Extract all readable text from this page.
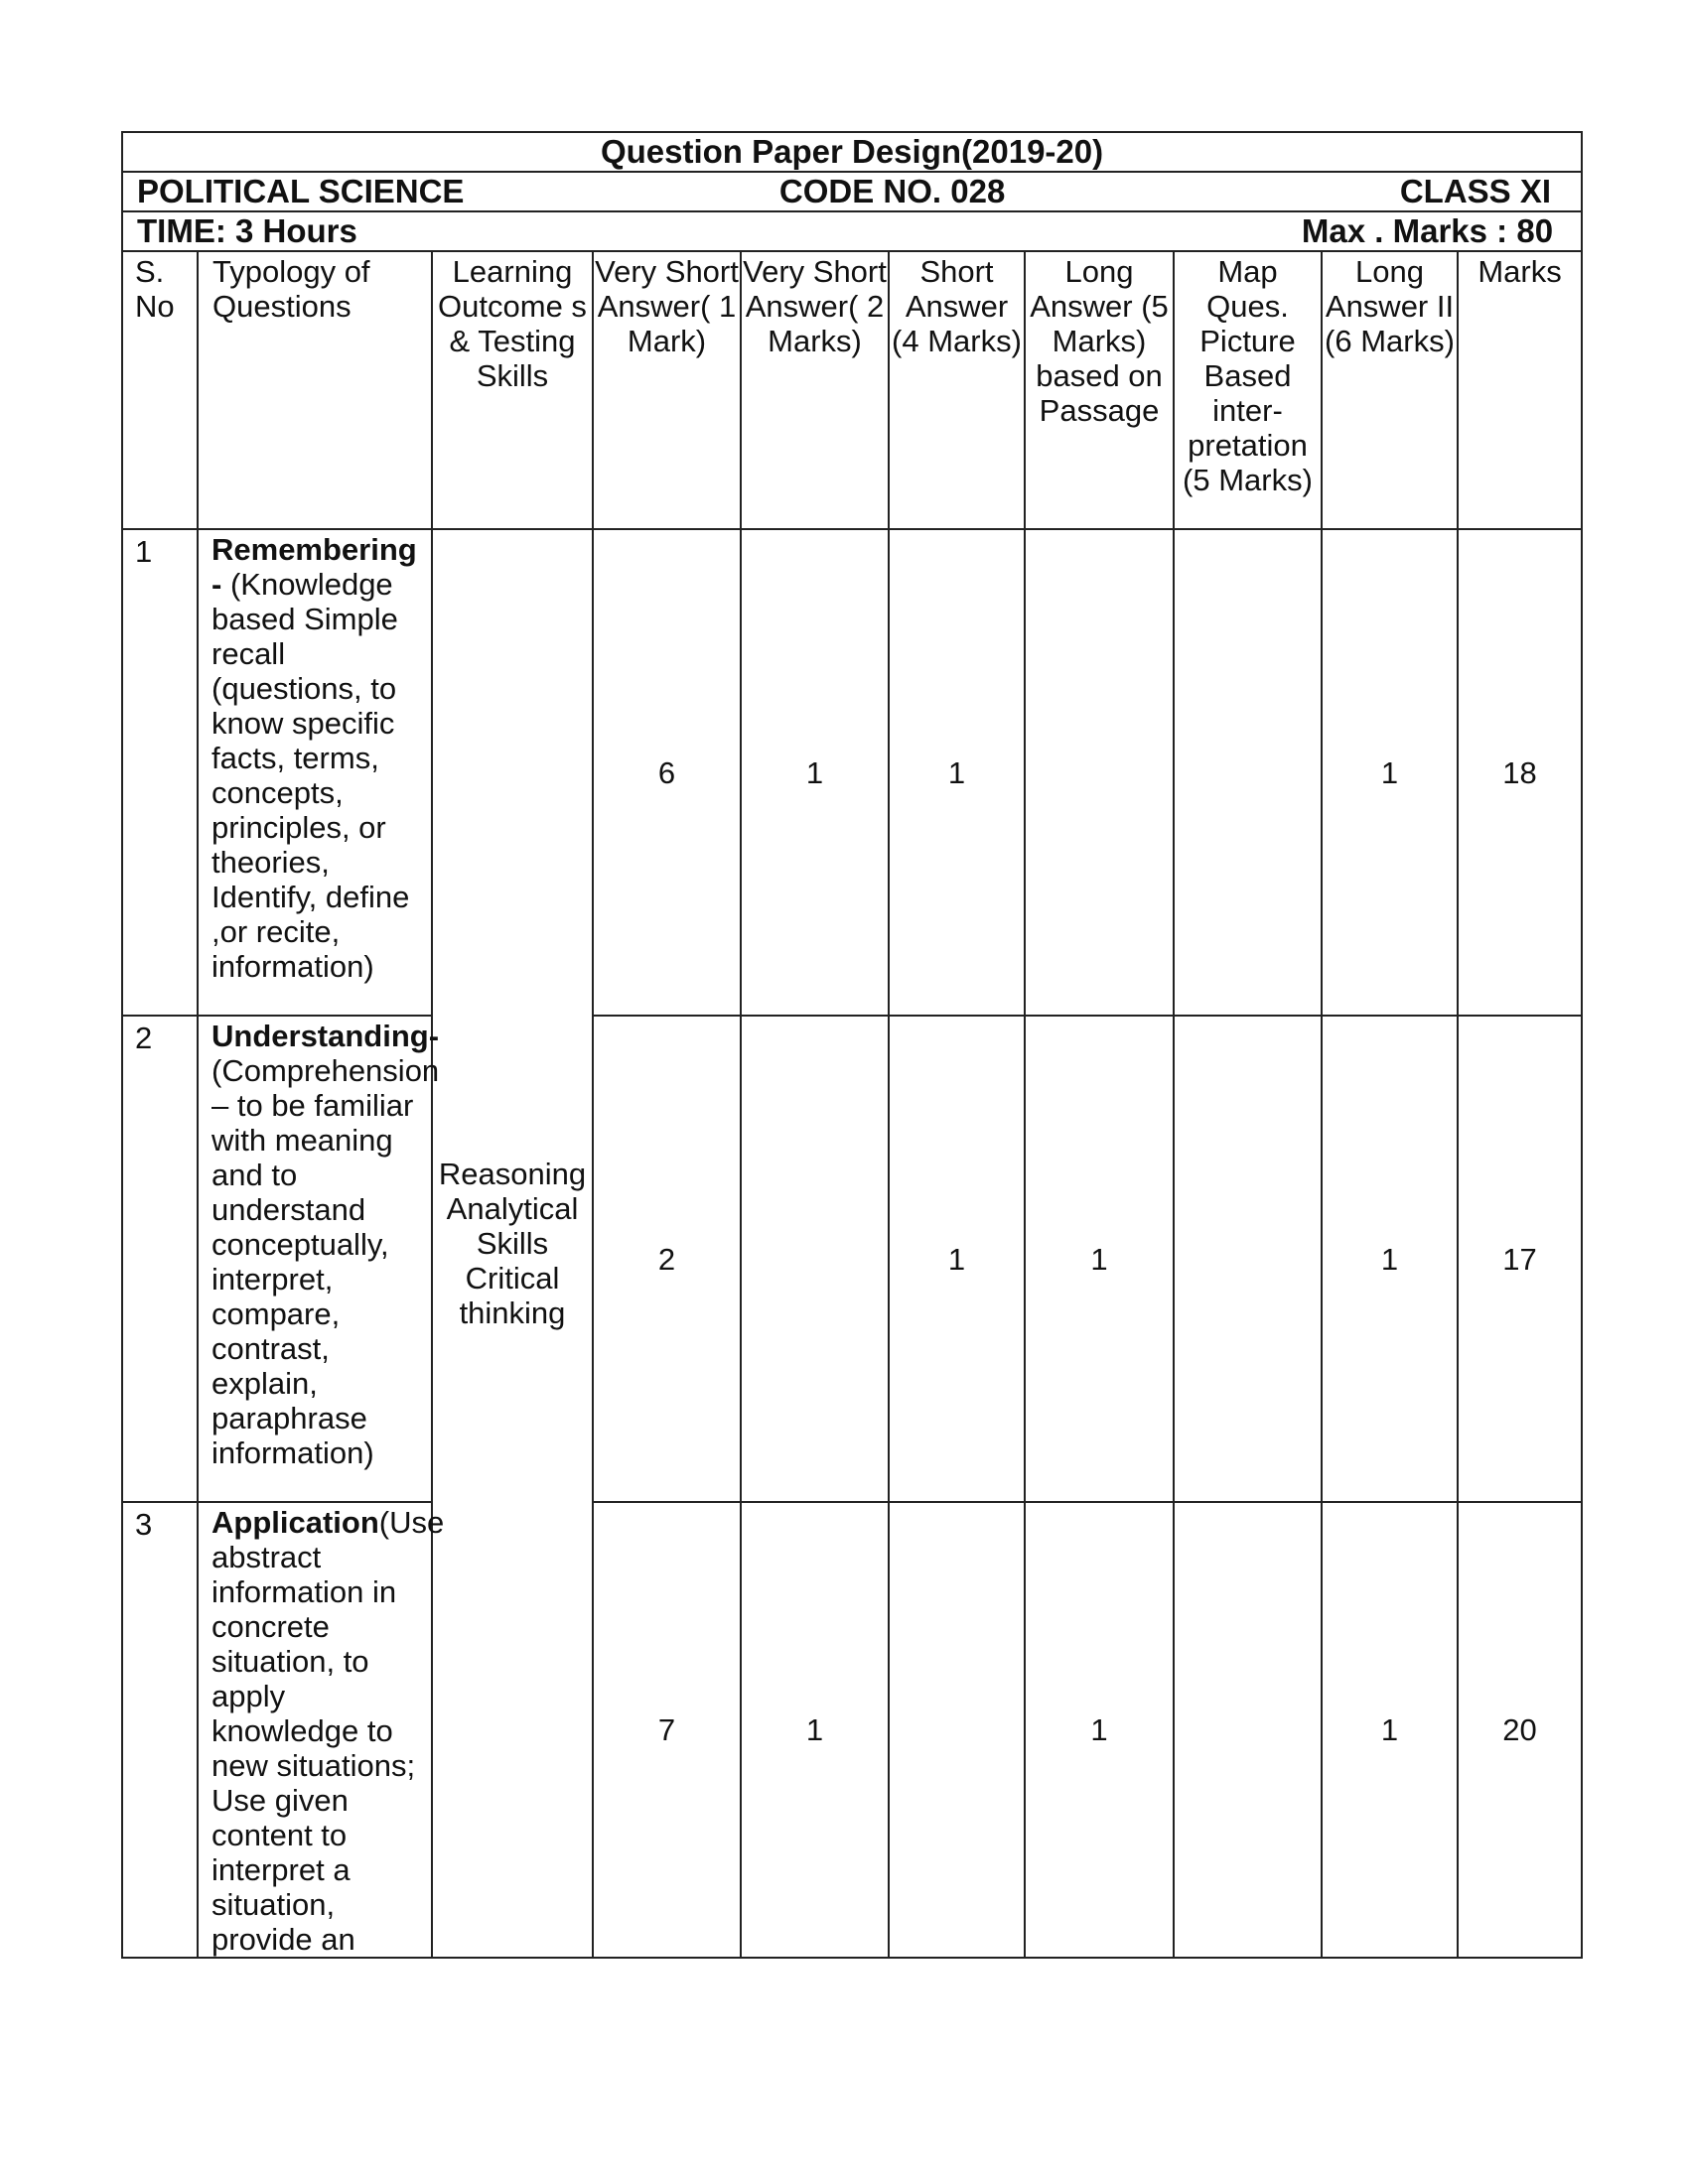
Question Paper Design(2019-20)									

POLITICAL SCIENCE CODE NO. 028 CLASS XI									

TIME: 3 Hours Max . Marks : 80									

S. No	Typology of Questions	Learning Outcome s & Testing Skills	Very Short Answer( 1 Mark)	Very Short Answer( 2 Marks)	Short Answer (4 Marks)	Long Answer (5 Marks) based on Passage	Map Ques. Picture Based inter- pretation (5 Marks)	Long Answer II (6 Marks)	Marks
1	Remembering - (Knowledge based Simple recall (questions, to know specific facts, terms, concepts, principles, or theories, Identify, define ,or recite, information)	Reasoning Analytical Skills Critical thinking	6	1	1			1	18
2	Understanding- (Comprehension – to be familiar with meaning and to understand conceptually, interpret, compare, contrast, explain, paraphrase information)		2		1	1		1	17
3	Application(Use abstract information in concrete situation, to apply knowledge to new situations; Use given content to interpret a situation, provide an		7	1		1		1	20
